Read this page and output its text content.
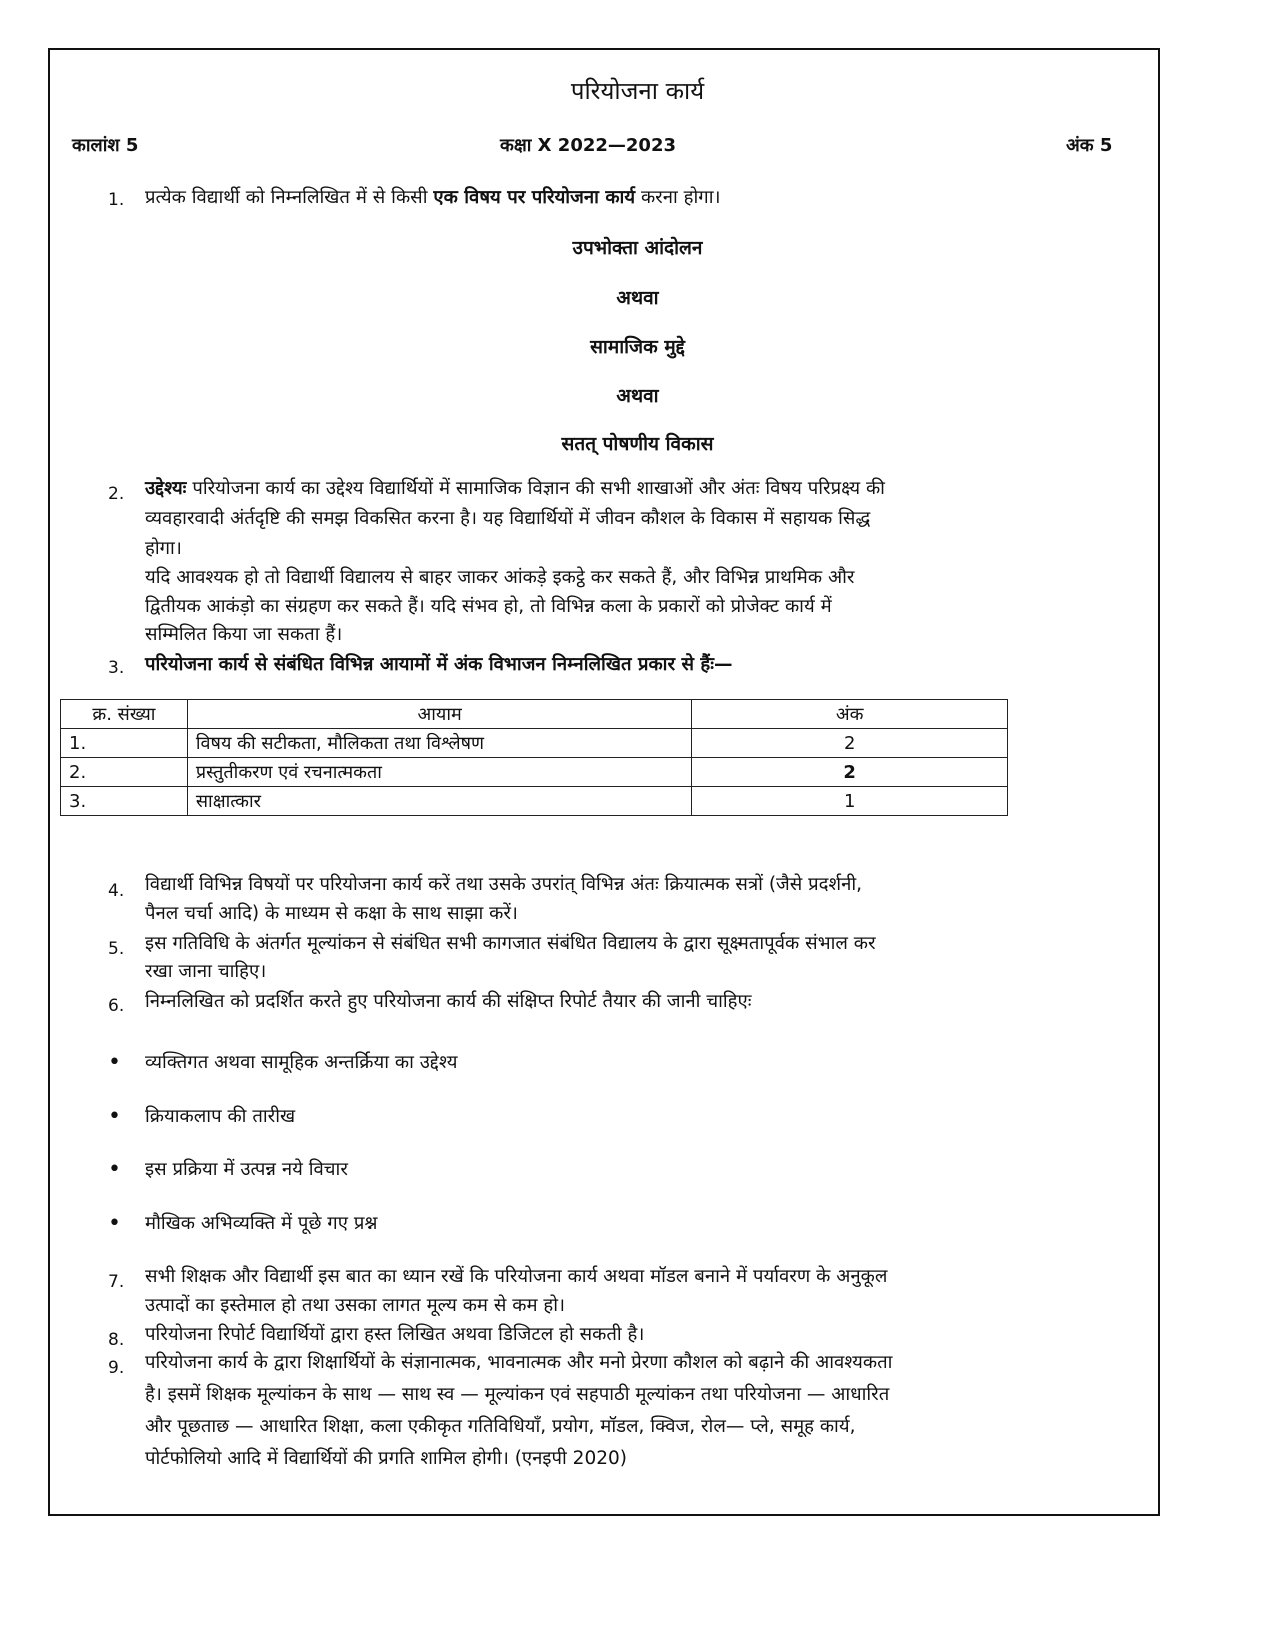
परियोजना कार्य
कालांश 5	कक्षा X 2022—2023	अंक 5
1. प्रत्येक विद्यार्थी को निम्नलिखित में से किसी एक विषय पर परियोजना कार्य करना होगा।
उपभोक्ता आंदोलन
अथवा
सामाजिक मुद्दे
अथवा
सतत् पोषणीय विकास
2. उद्देश्यः परियोजना कार्य का उद्देश्य विद्यार्थियों में सामाजिक विज्ञान की सभी शाखाओं और अंतः विषय परिप्रक्ष्य की
व्यवहारवादी अंर्तदृष्टि की समझ विकसित करना है। यह विद्यार्थियों में जीवन कौशल के विकास में सहायक सिद्ध
होगा।
यदि आवश्यक हो तो विद्यार्थी विद्यालय से बाहर जाकर आंकड़े इकट्ठे कर सकते हैं, और विभिन्न प्राथमिक और
द्वितीयक आकंड़ो का संग्रहण कर सकते हैं। यदि संभव हो, तो विभिन्न कला के प्रकारों को प्रोजेक्ट कार्य में
सम्मिलित किया जा सकता हैं।
3. परियोजना कार्य से संबंधित विभिन्न आयामों में अंक विभाजन निम्नलिखित प्रकार से हैंः—
क्र. संख्या	आयाम	अंक
1.	विषय की सटीकता, मौलिकता तथा विश्लेषण	2
2.	प्रस्तुतीकरण एवं रचनात्मकता	2
3.	साक्षात्कार	1
4. विद्यार्थी विभिन्न विषयों पर परियोजना कार्य करें तथा उसके उपरांत् विभिन्न अंतः क्रियात्मक सत्रों (जैसे प्रदर्शनी,
पैनल चर्चा आदि) के माध्यम से कक्षा के साथ साझा करें।
5. इस गतिविधि के अंतर्गत मूल्यांकन से संबंधित सभी कागजात संबंधित विद्यालय के द्वारा सूक्ष्मतापूर्वक संभाल कर
रखा जाना चाहिए।
6. निम्नलिखित को प्रदर्शित करते हुए परियोजना कार्य की संक्षिप्त रिपोर्ट तैयार की जानी चाहिएः
• व्यक्तिगत अथवा सामूहिक अन्तर्क्रिया का उद्देश्य
• क्रियाकलाप की तारीख
• इस प्रक्रिया में उत्पन्न नये विचार
• मौखिक अभिव्यक्ति में पूछे गए प्रश्न
7. सभी शिक्षक और विद्यार्थी इस बात का ध्यान रखें कि परियोजना कार्य अथवा मॉडल बनाने में पर्यावरण के अनुकूल
उत्पादों का इस्तेमाल हो तथा उसका लागत मूल्य कम से कम हो।
8. परियोजना रिपोर्ट विद्यार्थियों द्वारा हस्त लिखित अथवा डिजिटल हो सकती है।
9. परियोजना कार्य के द्वारा शिक्षार्थियों के संज्ञानात्मक, भावनात्मक और मनो प्रेरणा कौशल को बढ़ाने की आवश्यकता
है। इसमें शिक्षक मूल्यांकन के साथ — साथ स्व — मूल्यांकन एवं सहपाठी मूल्यांकन तथा परियोजना — आधारित
और पूछताछ — आधारित शिक्षा, कला एकीकृत गतिविधियाँ, प्रयोग, मॉडल, क्विज, रोल— प्ले, समूह कार्य,
पोर्टफोलियो आदि में विद्यार्थियों की प्रगति शामिल होगी। (एनइपी 2020)
